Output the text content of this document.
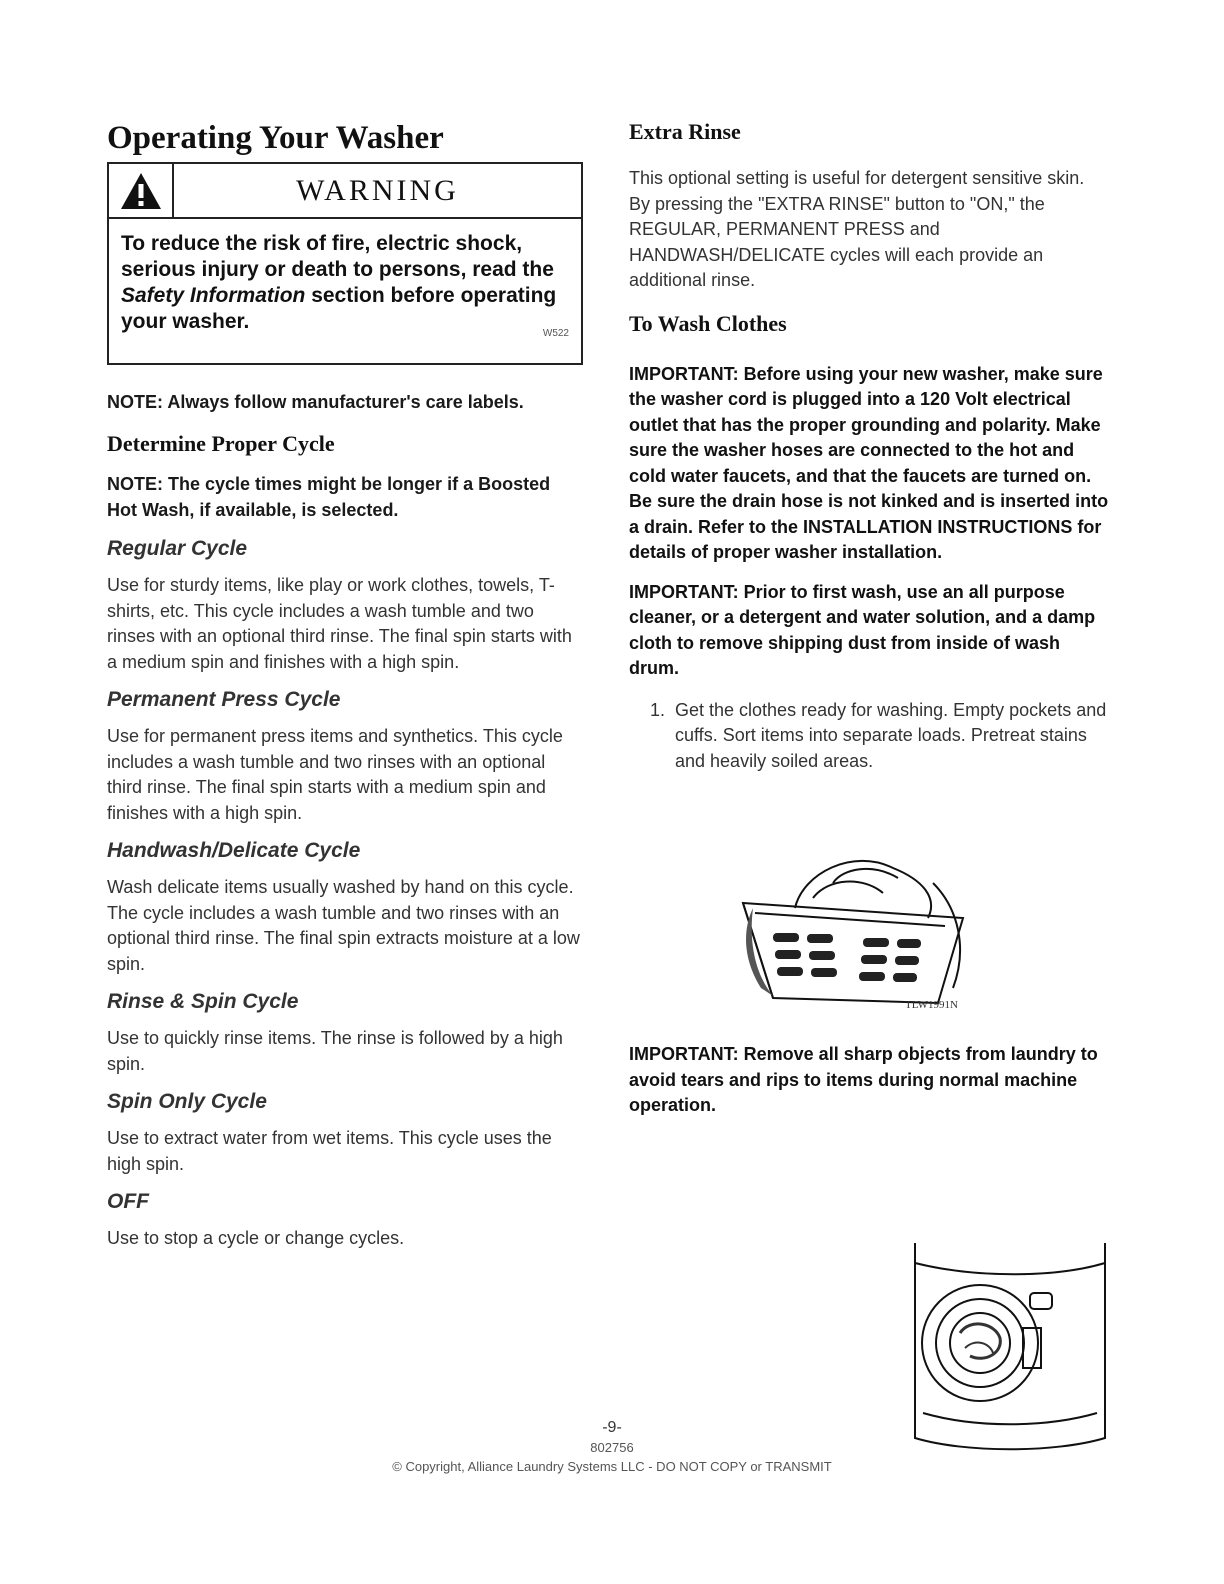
Operating Your Washer
WARNING
To reduce the risk of fire, electric shock, serious injury or death to persons, read the Safety Information section before operating your washer.
W522

NOTE: Always follow manufacturer's care labels.

Determine Proper Cycle

NOTE: The cycle times might be longer if a Boosted Hot Wash, if available, is selected.

Regular Cycle

Use for sturdy items, like play or work clothes, towels, T-shirts, etc. This cycle includes a wash tumble and two rinses with an optional third rinse. The final spin starts with a medium spin and finishes with a high spin.

Permanent Press Cycle

Use for permanent press items and synthetics. This cycle includes a wash tumble and two rinses with an optional third rinse. The final spin starts with a medium spin and finishes with a high spin.

Handwash/Delicate Cycle

Wash delicate items usually washed by hand on this cycle. The cycle includes a wash tumble and two rinses with an optional third rinse. The final spin extracts moisture at a low spin.

Rinse & Spin Cycle

Use to quickly rinse items. The rinse is followed by a high spin.

Spin Only Cycle

Use to extract water from wet items. This cycle uses the high spin.

OFF

Use to stop a cycle or change cycles.

Extra Rinse

This optional setting is useful for detergent sensitive skin. By pressing the "EXTRA RINSE" button to "ON," the REGULAR, PERMANENT PRESS and HANDWASH/DELICATE cycles will each provide an additional rinse.

To Wash Clothes

IMPORTANT: Before using your new washer, make sure the washer cord is plugged into a 120 Volt electrical outlet that has the proper grounding and polarity. Make sure the washer hoses are connected to the hot and cold water faucets, and that the faucets are turned on. Be sure the drain hose is not kinked and is inserted into a drain. Refer to the INSTALLATION INSTRUCTIONS for details of proper washer installation.

IMPORTANT: Prior to first wash, use an all purpose cleaner, or a detergent and water solution, and a damp cloth to remove shipping dust from inside of wash drum.

1. Get the clothes ready for washing. Empty pockets and cuffs. Sort items into separate loads. Pretreat stains and heavily soiled areas.

IMPORTANT: Remove all sharp objects from laundry to avoid tears and rips to items during normal machine operation.

TLW1991N
-9-
802756
© Copyright, Alliance Laundry Systems LLC - DO NOT COPY or TRANSMIT
